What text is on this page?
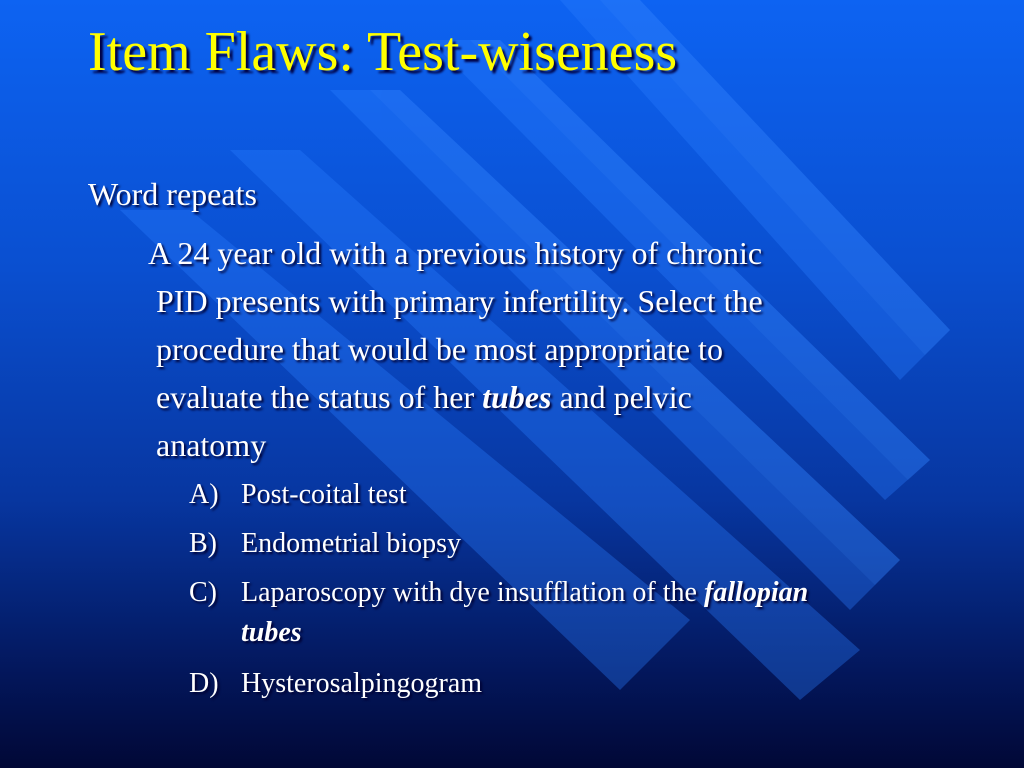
Item Flaws: Test-wiseness

Word repeats

A 24 year old with a previous history of chronic
PID presents with primary infertility. Select the
procedure that would be most appropriate to
evaluate the status of her tubes and pelvic
anatomy

A) Post-coital test
B) Endometrial biopsy
C) Laparoscopy with dye insufflation of the fallopian
tubes
D) Hysterosalpingogram
